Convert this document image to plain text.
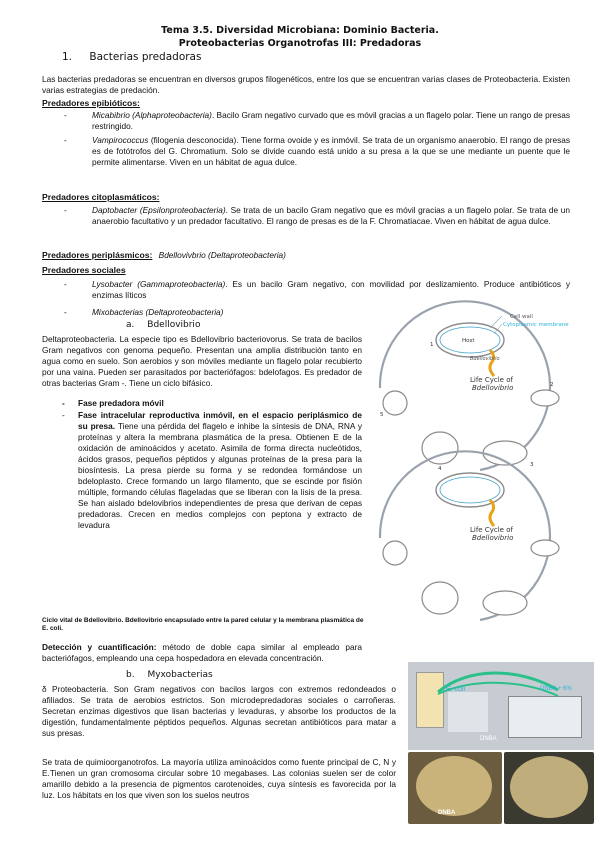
Tema 3.5. Diversidad Microbiana: Dominio Bacteria.
Proteobacterias Organotrofas III: Predadoras
1. Bacterias predadoras
Las bacterias predadoras se encuentran en diversos grupos filogenéticos, entre los que se encuentran varias clases de Proteobacteria. Existen varias estrategias de predación.
Predadores epibióticos:
-	Micabibrio (Alphaproteobacteria). Bacilo Gram negativo curvado que es móvil gracias a un flagelo polar. Tiene un rango de presas restringido.
-	Vampirococcus (filogenia desconocida). Tiene forma ovoide y es inmóvil. Se trata de un organismo anaerobio. El rango de presas es de fotótrofos del G. Chromatium. Solo se divide cuando está unido a su presa a la que se une mediante un puente que le permite alimentarse. Viven en un hábitat de agua dulce.
Predadores citoplasmáticos:
-	Daptobacter (Epsilonproteobacteria). Se trata de un bacilo Gram negativo que es móvil gracias a un flagelo polar. Se trata de un anaerobio facultativo y un predador facultativo. El rango de presas es de la F. Chromatiacae. Viven en hábitat de agua dulce.
Predadores periplásmicos: Bdellovivbrio (Deltaproteobacteria)
Predadores sociales
-	Lysobacter (Gammaproteobacteria). Es un bacilo Gram negativo, con movilidad por deslizamiento. Produce antibióticos y enzimas líticos
-	Mixobacterias (Deltaproteobacteria)
a. Bdellovibrio
Deltaproteobacteria. La especie tipo es Bdellovibrio bacteriovorus. Se trata de bacilos Gram negativos con genoma pequeño. Presentan una amplia distribución tanto en agua como en suelo. Son aerobios y son móviles mediante un flagelo polar recubierto por una vaina. Pueden ser parasitados por bacteriófagos: bdelofagos. Es predador de otras bacterias Gram -. Tiene un ciclo bifásico.
- Fase predadora móvil
- Fase intracelular reproductiva inmóvil, en el espacio periplásmico de su presa. Tiene una pérdida del flagelo e inhibe la síntesis de DNA, RNA y proteínas y altera la membrana plasmática de la presa. Obtienen E de la oxidación de aminoácidos y acetato. Asimila de forma directa nucleótidos, ácidos grasos, pequeños péptidos y algunas proteínas de la presa para la biosíntesis. La presa pierde su forma y se redondea formándose un bdeloplasto. Crece formando un largo filamento, que se escinde por fisión múltiple, formando células flageladas que se liberan con la lisis de la presa. Se han aislado bdelovibrios independientes de presa que derivan de cepas predadoras. Crecen en medios complejos con peptona y extracto de levadura
Ciclo vital de Bdellovibrio. Bdellovibrio encapsulado entre la pared celular y la membrana plasmática de E. coli.
Detección y cuantificación: método de doble capa similar al empleado para bacteriófagos, empleando una cepa hospedadora en elevada concentración.
b. Myxobacterias
δ Proteobacteria. Son Gram negativos con bacilos largos con extremos redondeados o afiliados. Se trata de aerobios estrictos. Son microdepredadoras sociales o carroñeras. Secretan enzimas digestivos que lisan bacterias y levaduras, y absorbe los productos de la digestión, fundamentalmente péptidos pequeños. Algunas secretan antibióticos para matar a sus presas.
Se trata de quimioorganotrofos. La mayoría utiliza aminoácidos como fuente principal de C, N y E.Tienen un gran cromosoma circular sobre 10 megabases. Las colonias suelen ser de color amarillo debido a la presencia de pigmentos carotenoides, cuya síntesis es favorecida por la luz. Los hábitats en los que viven son los suelos neutros
Cell wall
Cytoplasmic membrane
Host
Bdellovibrio
Life Cycle of
Bdellovibrio
1
2
3
4
5
Life Cycle of
Bdellovibrio
E. coli
DNBA
DNBA + 6%
DNBA
